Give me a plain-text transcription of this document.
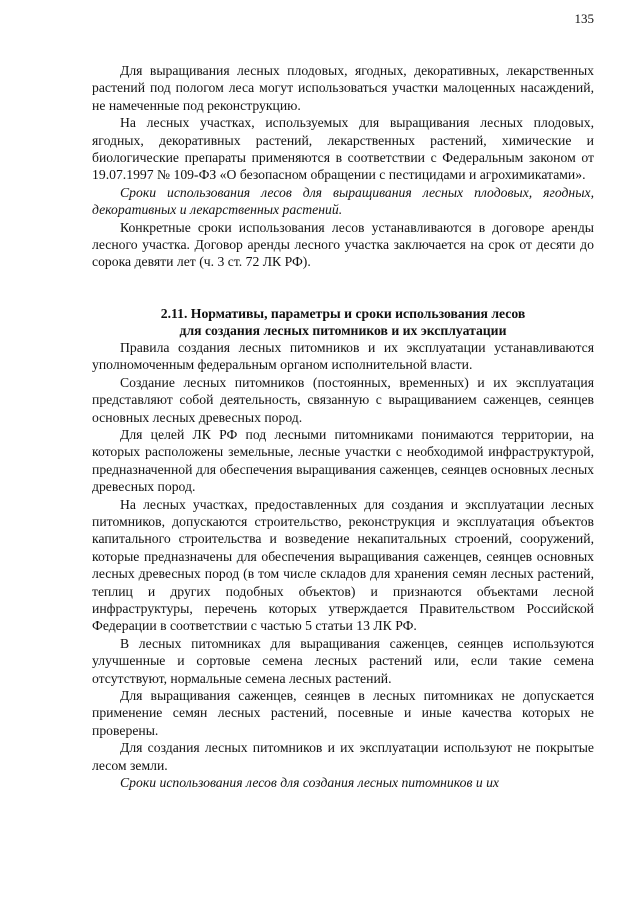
135

Для выращивания лесных плодовых, ягодных, декоративных, лекарственных растений под пологом леса могут использоваться участки малоценных насаждений, не намеченные под реконструкцию.

На лесных участках, используемых для выращивания лесных плодовых, ягодных, декоративных растений, лекарственных растений, химические и биологические препараты применяются в соответствии с Федеральным законом от 19.07.1997 № 109-ФЗ «О безопасном обращении с пестицидами и агрохимикатами».

Сроки использования лесов для выращивания лесных плодовых, ягодных, декоративных и лекарственных растений.

Конкретные сроки использования лесов устанавливаются в договоре аренды лесного участка. Договор аренды лесного участка заключается на срок от десяти до сорока девяти лет (ч. 3 ст. 72 ЛК РФ).

2.11. Нормативы, параметры и сроки использования лесов
для создания лесных питомников и их эксплуатации

Правила создания лесных питомников и их эксплуатации устанавливаются уполномоченным федеральным органом исполнительной власти.

Создание лесных питомников (постоянных, временных) и их эксплуатация представляют собой деятельность, связанную с выращиванием саженцев, сеянцев основных лесных древесных пород.

Для целей ЛК РФ под лесными питомниками понимаются территории, на которых расположены земельные, лесные участки с необходимой инфраструктурой, предназначенной для обеспечения выращивания саженцев, сеянцев основных лесных древесных пород.

На лесных участках, предоставленных для создания и эксплуатации лесных питомников, допускаются строительство, реконструкция и эксплуатация объектов капитального строительства и возведение некапитальных строений, сооружений, которые предназначены для обеспечения выращивания саженцев, сеянцев основных лесных древесных пород (в том числе складов для хранения семян лесных растений, теплиц и других подобных объектов) и признаются объектами лесной инфраструктуры, перечень которых утверждается Правительством Российской Федерации в соответствии с частью 5 статьи 13 ЛК РФ.

В лесных питомниках для выращивания саженцев, сеянцев используются улучшенные и сортовые семена лесных растений или, если такие семена отсутствуют, нормальные семена лесных растений.

Для выращивания саженцев, сеянцев в лесных питомниках не допускается применение семян лесных растений, посевные и иные качества которых не проверены.

Для создания лесных питомников и их эксплуатации используют не покрытые лесом земли.

Сроки использования лесов для создания лесных питомников и их
